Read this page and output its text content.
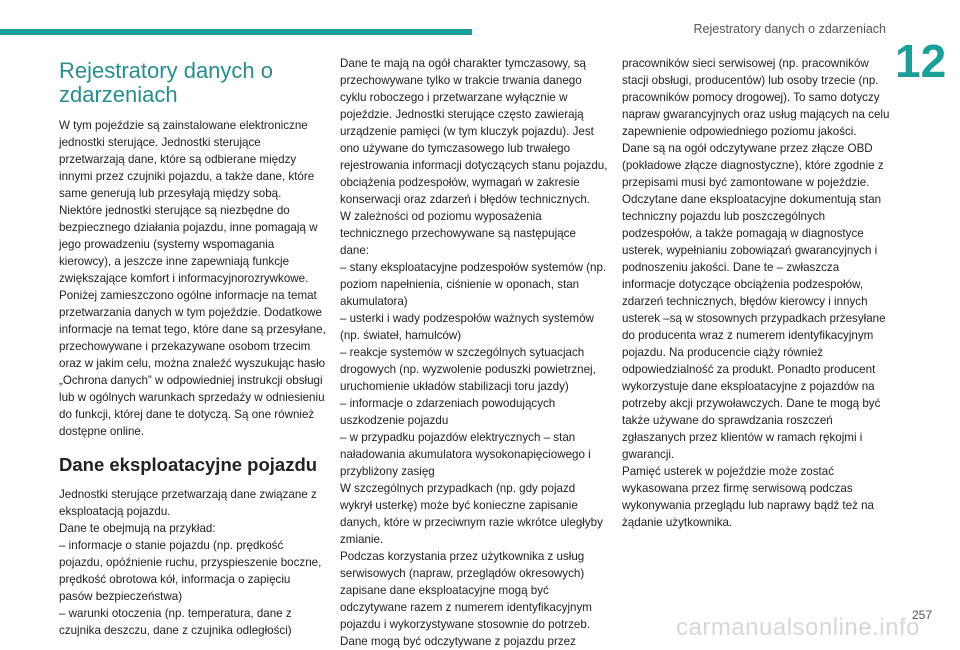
Rejestratory danych o zdarzeniach
12
Rejestratory danych o zdarzeniach

W tym pojeździe są zainstalowane elektroniczne jednostki sterujące. Jednostki sterujące przetwarzają dane, które są odbierane między innymi przez czujniki pojazdu, a także dane, które same generują lub przesyłają między sobą. Niektóre jednostki sterujące są niezbędne do bezpiecznego działania pojazdu, inne pomagają w jego prowadzeniu (systemy wspomagania kierowcy), a jeszcze inne zapewniają funkcje zwiększające komfort i informacyjnorozrywkowe.

Poniżej zamieszczono ogólne informacje na temat przetwarzania danych w tym pojeździe. Dodatkowe informacje na temat tego, które dane są przesyłane, przechowywane i przekazywane osobom trzecim oraz w jakim celu, można znaleźć wyszukując hasło „Ochrona danych” w odpowiedniej instrukcji obsługi lub w ogólnych warunkach sprzedaży w odniesieniu do funkcji, której dane te dotyczą. Są one również dostępne online.

Dane eksploatacyjne pojazdu

Jednostki sterujące przetwarzają dane związane z eksploatacją pojazdu.

Dane te obejmują na przykład:

– informacje o stanie pojazdu (np. prędkość pojazdu, opóźnienie ruchu, przyspieszenie boczne, prędkość obrotowa kół, informacja o zapięciu pasów bezpieczeństwa)

– warunki otoczenia (np. temperatura, dane z czujnika deszczu, dane z czujnika odległości)

Dane te mają na ogół charakter tymczasowy, są przechowywane tylko w trakcie trwania danego cyklu roboczego i przetwarzane wyłącznie w pojeździe. Jednostki sterujące często zawierają urządzenie pamięci (w tym kluczyk pojazdu). Jest ono używane do tymczasowego lub trwałego rejestrowania informacji dotyczących stanu pojazdu, obciążenia podzespołów, wymagań w zakresie konserwacji oraz zdarzeń i błędów technicznych.

W zależności od poziomu wyposażenia technicznego przechowywane są następujące dane:

– stany eksploatacyjne podzespołów systemów (np. poziom napełnienia, ciśnienie w oponach, stan akumulatora)

– usterki i wady podzespołów ważnych systemów (np. świateł, hamulców)

– reakcje systemów w szczególnych sytuacjach drogowych (np. wyzwolenie poduszki powietrznej, uruchomienie układów stabilizacji toru jazdy)

– informacje o zdarzeniach powodujących uszkodzenie pojazdu

– w przypadku pojazdów elektrycznych – stan naładowania akumulatora wysokonapięciowego i przybliżony zasięg

W szczególnych przypadkach (np. gdy pojazd wykrył usterkę) może być konieczne zapisanie danych, które w przeciwnym razie wkrótce uległyby zmianie.

Podczas korzystania przez użytkownika z usług serwisowych (napraw, przeglądów okresowych) zapisane dane eksploatacyjne mogą być odczytywane razem z numerem identyfikacyjnym pojazdu i wykorzystywane stosownie do potrzeb.

Dane mogą być odczytywane z pojazdu przez

pracowników sieci serwisowej (np. pracowników stacji obsługi, producentów) lub osoby trzecie (np. pracowników pomocy drogowej). To samo dotyczy napraw gwarancyjnych oraz usług mających na celu zapewnienie odpowiedniego poziomu jakości.

Dane są na ogół odczytywane przez złącze OBD (pokładowe złącze diagnostyczne), które zgodnie z przepisami musi być zamontowane w pojeździe.

Odczytane dane eksploatacyjne dokumentują stan techniczny pojazdu lub poszczególnych podzespołów, a także pomagają w diagnostyce usterek, wypełnianiu zobowiązań gwarancyjnych i podnoszeniu jakości. Dane te – zwłaszcza informacje dotyczące obciążenia podzespołów, zdarzeń technicznych, błędów kierowcy i innych usterek –są w stosownych przypadkach przesyłane do producenta wraz z numerem identyfikacyjnym pojazdu. Na producencie ciąży również odpowiedzialność za produkt. Ponadto producent wykorzystuje dane eksploatacyjne z pojazdów na potrzeby akcji przywoławczych. Dane te mogą być także używane do sprawdzania roszczeń zgłaszanych przez klientów w ramach rękojmi i gwarancji.

Pamięć usterek w pojeździe może zostać wykasowana przez firmę serwisową podczas wykonywania przeglądu lub naprawy bądź też na żądanie użytkownika.

carmanualsonline.info
257
